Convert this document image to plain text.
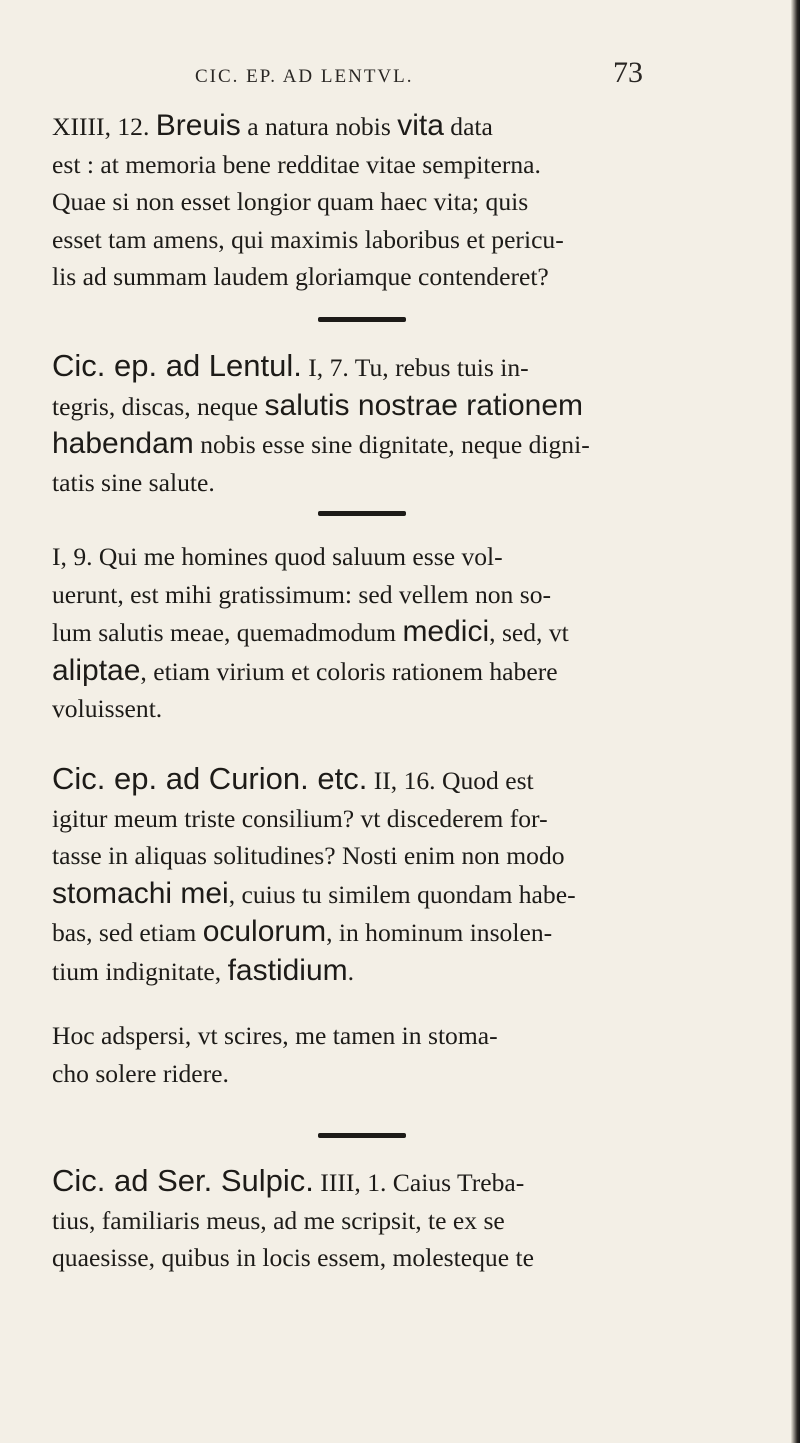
CIC. EP. AD LENTVL.	73
XIIII, 12. Breuis a natura nobis vita data
est : at memoria bene redditae vitae sempiterna.
Quae si non esset longior quam haec vita; quis
esset tam amens, qui maximis laboribus et pericu-
lis ad summam laudem gloriamque contenderet?
Cic. ep. ad Lentul. I, 7. Tu, rebus tuis in-
tegris, discas, neque salutis nostrae rationem
habendam nobis esse sine dignitate, neque digni-
tatis sine salute.
I, 9. Qui me homines quod saluum esse vol-
uerunt, est mihi gratissimum: sed vellem non so-
lum salutis meae, quemadmodum medici, sed, vt
aliptae, etiam virium et coloris rationem habere
voluissent.
Cic. ep. ad Curion. etc. II, 16. Quod est
igitur meum triste consilium? vt discederem for-
tasse in aliquas solitudines? Nosti enim non modo
stomachi mei, cuius tu similem quondam habe-
bas, sed etiam oculorum, in hominum insolen-
tium indignitate, fastidium.
Hoc adspersi, vt scires, me tamen in stoma-
cho solere ridere.
Cic. ad Ser. Sulpic. IIII, 1. Caius Treba-
tius, familiaris meus, ad me scripsit, te ex se
quaesisse, quibus in locis essem, molesteque te
